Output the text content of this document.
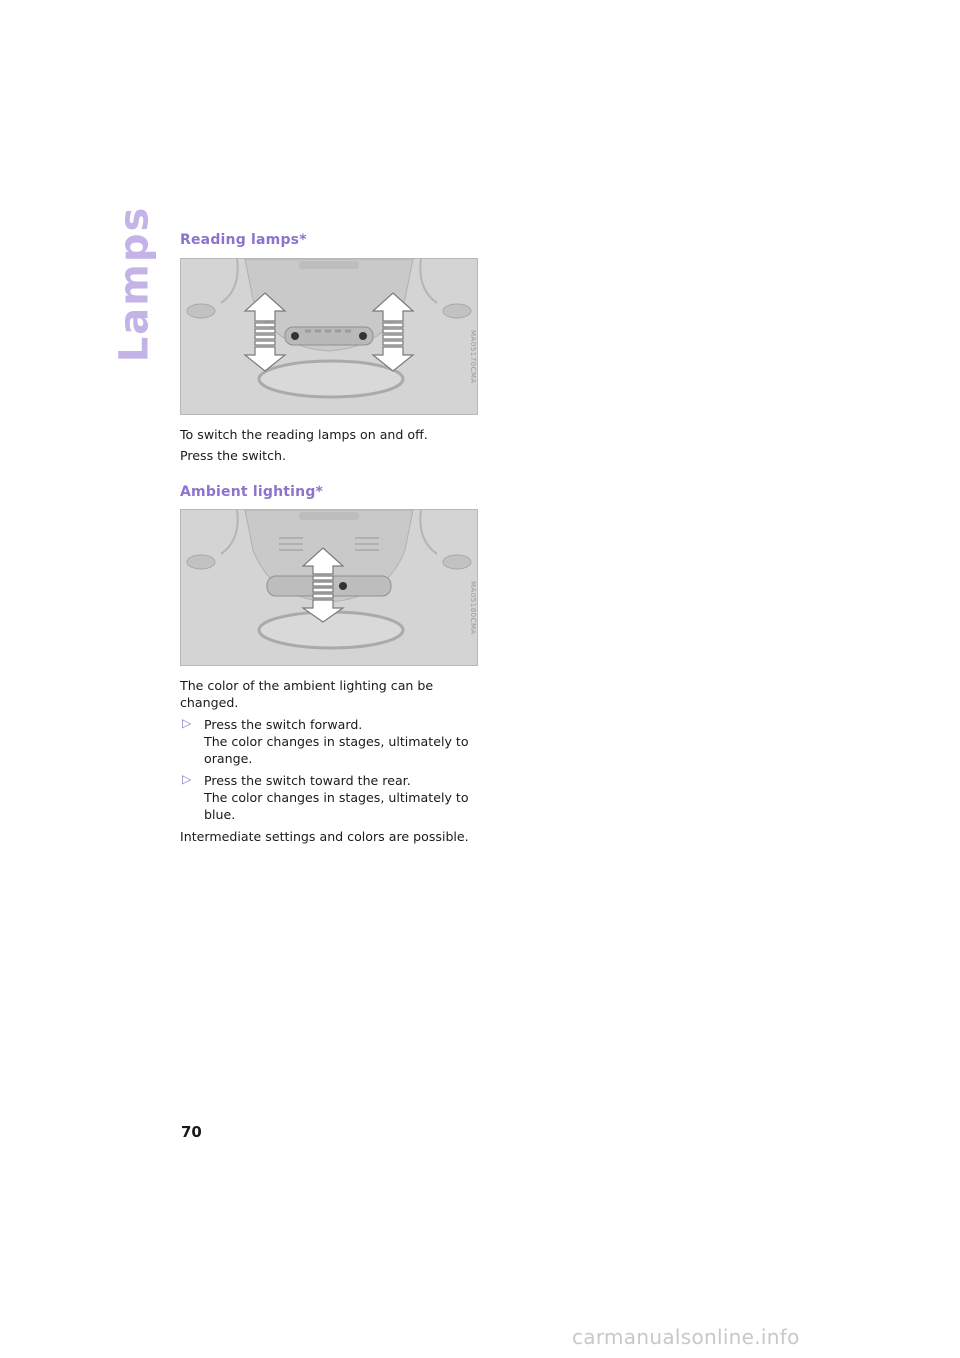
Lamps Reading lamps*
MA05170CMA

To switch the reading lamps on and off.

Press the switch.

Ambient lighting*
MA05180CMA

The color of the ambient lighting can be changed.

▷ Press the switch forward.

The color changes in stages, ultimately to orange.

▷ Press the switch toward the rear.

The color changes in stages, ultimately to blue.

Intermediate settings and colors are possible.

70
carmanualsonline.info
